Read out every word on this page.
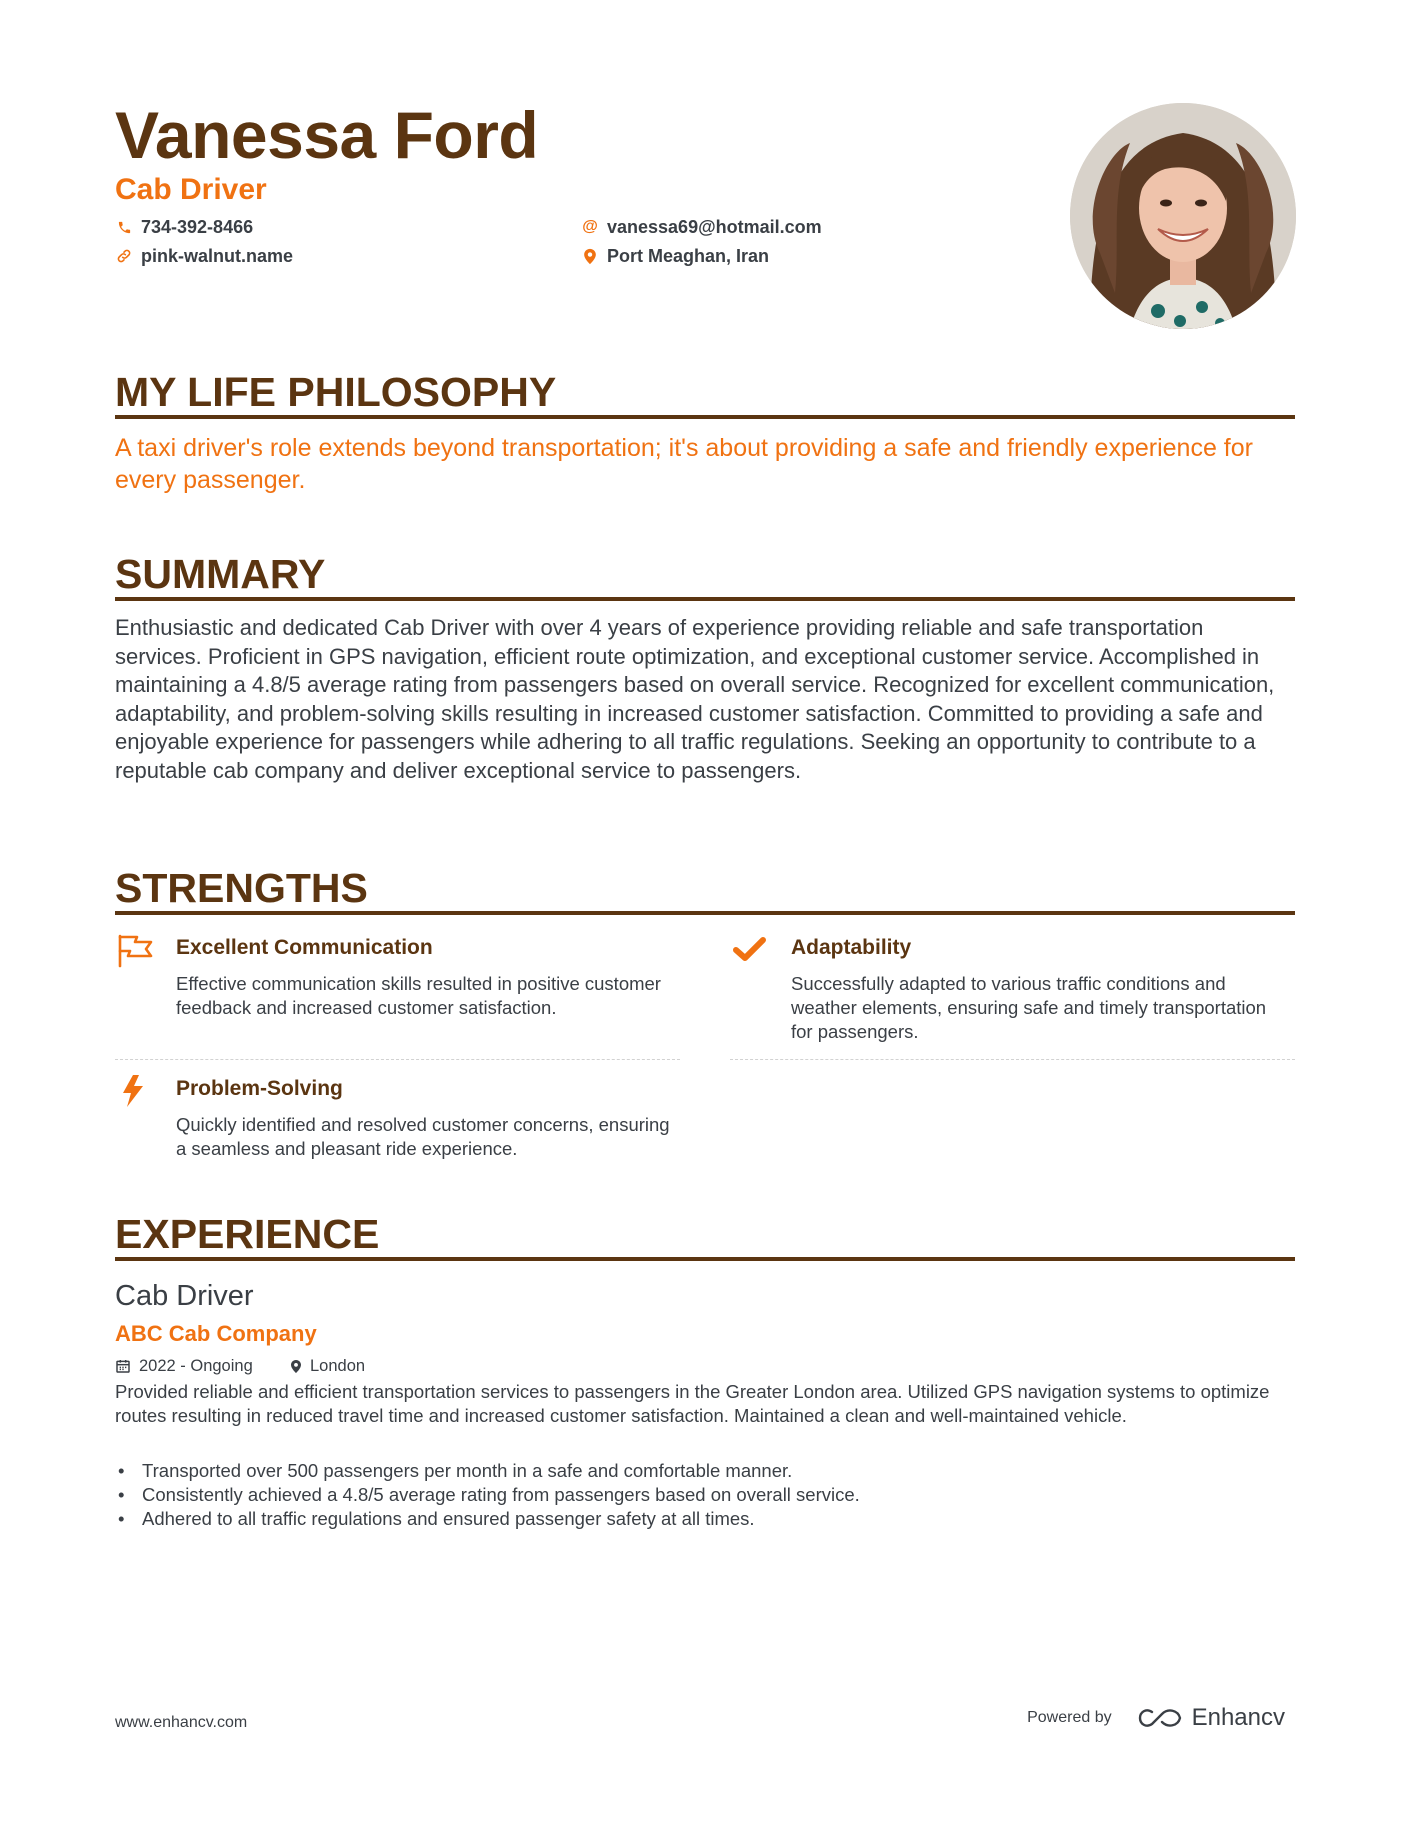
Vanessa Ford
Cab Driver
734-392-8466	@ vanessa69@hotmail.com
pink-walnut.name	Port Meaghan, Iran
MY LIFE PHILOSOPHY
A taxi driver's role extends beyond transportation; it's about providing a safe and friendly experience for every passenger.
SUMMARY
Enthusiastic and dedicated Cab Driver with over 4 years of experience providing reliable and safe transportation services. Proficient in GPS navigation, efficient route optimization, and exceptional customer service. Accomplished in maintaining a 4.8/5 average rating from passengers based on overall service. Recognized for excellent communication, adaptability, and problem-solving skills resulting in increased customer satisfaction. Committed to providing a safe and enjoyable experience for passengers while adhering to all traffic regulations. Seeking an opportunity to contribute to a reputable cab company and deliver exceptional service to passengers.
STRENGTHS
Excellent Communication
Effective communication skills resulted in positive customer feedback and increased customer satisfaction.
Adaptability
Successfully adapted to various traffic conditions and weather elements, ensuring safe and timely transportation for passengers.
Problem-Solving
Quickly identified and resolved customer concerns, ensuring a seamless and pleasant ride experience.
EXPERIENCE
Cab Driver
ABC Cab Company
2022 - Ongoing	London
Provided reliable and efficient transportation services to passengers in the Greater London area. Utilized GPS navigation systems to optimize routes resulting in reduced travel time and increased customer satisfaction. Maintained a clean and well-maintained vehicle.
• Transported over 500 passengers per month in a safe and comfortable manner.
• Consistently achieved a 4.8/5 average rating from passengers based on overall service.
• Adhered to all traffic regulations and ensured passenger safety at all times.
www.enhancv.com	Powered by	Enhancv
